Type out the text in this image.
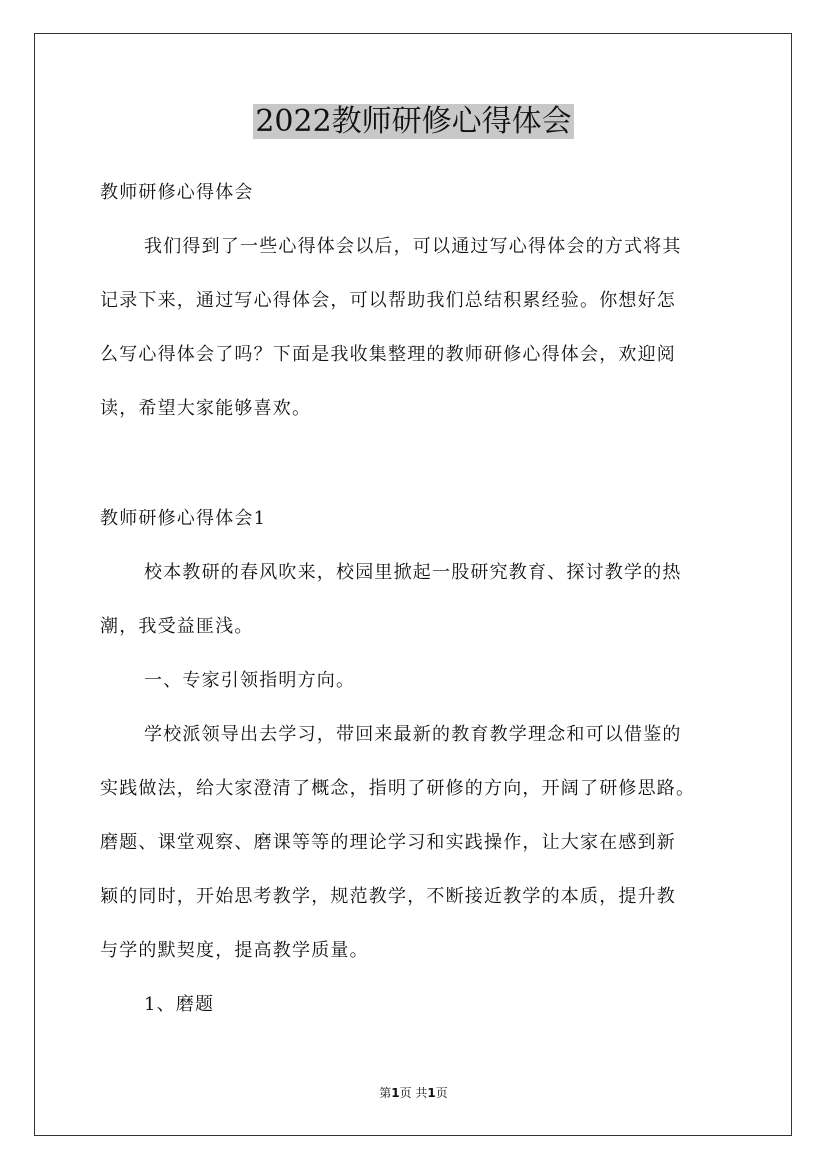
2022教师研修心得体会
教师研修心得体会
我们得到了一些心得体会以后，可以通过写心得体会的方式将其
记录下来，通过写心得体会，可以帮助我们总结积累经验。你想好怎
么写心得体会了吗？下面是我收集整理的教师研修心得体会，欢迎阅
读，希望大家能够喜欢。
教师研修心得体会1
校本教研的春风吹来，校园里掀起一股研究教育、探讨教学的热
潮，我受益匪浅。
一、专家引领指明方向。
学校派领导出去学习，带回来最新的教育教学理念和可以借鉴的
实践做法，给大家澄清了概念，指明了研修的方向，开阔了研修思路。
磨题、课堂观察、磨课等等的理论学习和实践操作，让大家在感到新
颖的同时，开始思考教学，规范教学，不断接近教学的本质，提升教
与学的默契度，提高教学质量。
1、磨题
第1页 共1页
